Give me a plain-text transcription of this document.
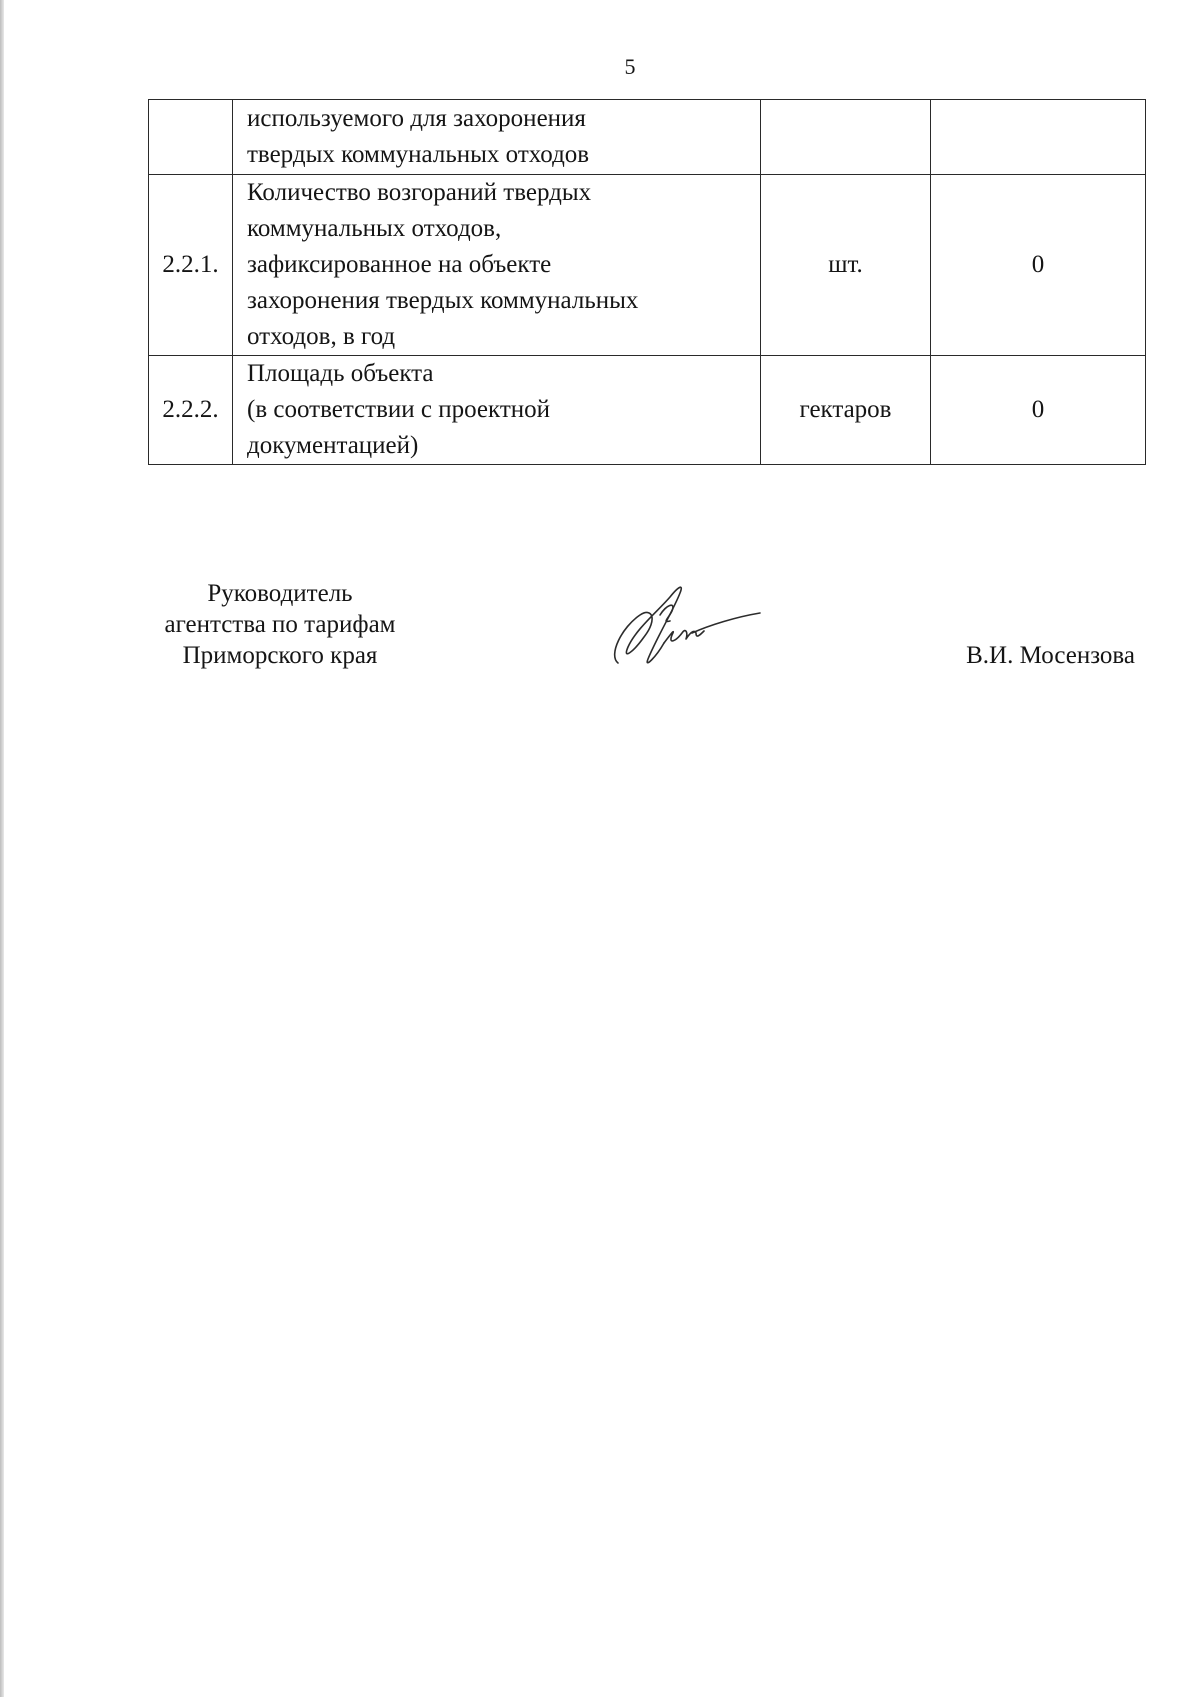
5

	используемого для захоронения
твердых коммунальных отходов		

2.2.1.	Количество возгораний твердых
коммунальных отходов,
зафиксированное на объекте
захоронения твердых коммунальных
отходов, в год	шт.	0
2.2.2.	Площадь объекта
(в соответствии с проектной
документацией)	гектаров	0
Руководитель
агентства по тарифам
Приморского края	В.И. Мосензова
